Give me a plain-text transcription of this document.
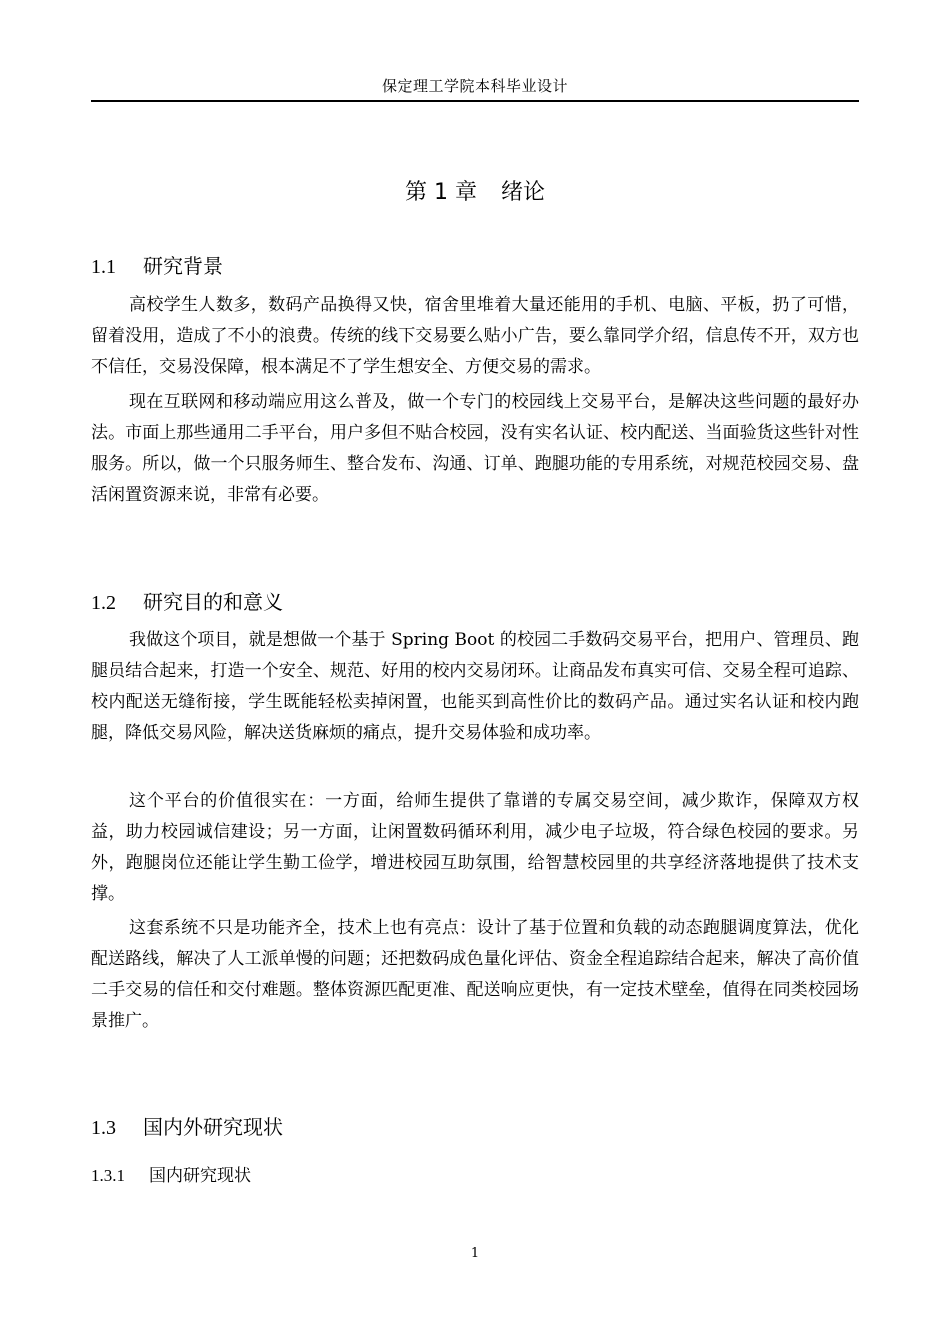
保定理工学院本科毕业设计
第 1 章 绪论
1.1 研究背景

高校学生人数多，数码产品换得又快，宿舍里堆着大量还能用的手机、电脑、平板，扔了可惜，留着没用，造成了不小的浪费。传统的线下交易要么贴小广告，要么靠同学介绍，信息传不开，双方也不信任，交易没保障，根本满足不了学生想安全、方便交易的需求。

现在互联网和移动端应用这么普及，做一个专门的校园线上交易平台，是解决这些问题的最好办法。市面上那些通用二手平台，用户多但不贴合校园，没有实名认证、校内配送、当面验货这些针对性服务。所以，做一个只服务师生、整合发布、沟通、订单、跑腿功能的专用系统，对规范校园交易、盘活闲置资源来说，非常有必要。

1.2 研究目的和意义

我做这个项目，就是想做一个基于 Spring Boot 的校园二手数码交易平台，把用户、管理员、跑腿员结合起来，打造一个安全、规范、好用的校内交易闭环。让商品发布真实可信、交易全程可追踪、校内配送无缝衔接，学生既能轻松卖掉闲置，也能买到高性价比的数码产品。通过实名认证和校内跑腿，降低交易风险，解决送货麻烦的痛点，提升交易体验和成功率。

这个平台的价值很实在：一方面，给师生提供了靠谱的专属交易空间，减少欺诈，保障双方权益，助力校园诚信建设；另一方面，让闲置数码循环利用，减少电子垃圾，符合绿色校园的要求。另外，跑腿岗位还能让学生勤工俭学，增进校园互助氛围，给智慧校园里的共享经济落地提供了技术支撑。

这套系统不只是功能齐全，技术上也有亮点：设计了基于位置和负载的动态跑腿调度算法，优化配送路线，解决了人工派单慢的问题；还把数码成色量化评估、资金全程追踪结合起来，解决了高价值二手交易的信任和交付难题。整体资源匹配更准、配送响应更快，有一定技术壁垒，值得在同类校园场景推广。

1.3 国内外研究现状
1.3.1 国内研究现状
1
